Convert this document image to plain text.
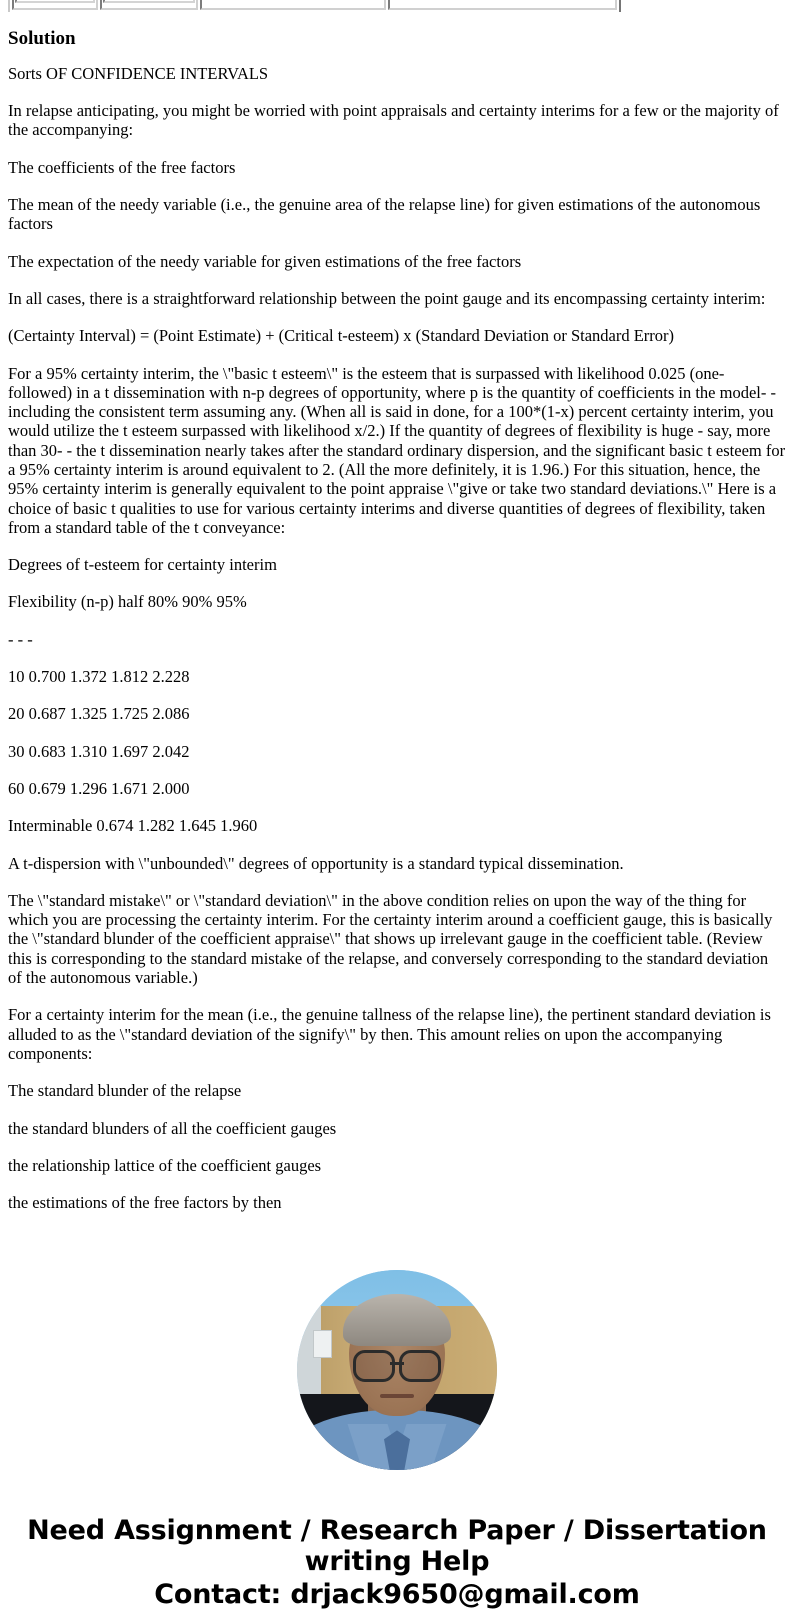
Solution

Sorts OF CONFIDENCE INTERVALS

In relapse anticipating, you might be worried with point appraisals and certainty interims for a few or the majority of the accompanying:

The coefficients of the free factors

The mean of the needy variable (i.e., the genuine area of the relapse line) for given estimations of the autonomous factors

The expectation of the needy variable for given estimations of the free factors

In all cases, there is a straightforward relationship between the point gauge and its encompassing certainty interim:

(Certainty Interval) = (Point Estimate) + (Critical t-esteem) x (Standard Deviation or Standard Error)

For a 95% certainty interim, the \"basic t esteem\" is the esteem that is surpassed with likelihood 0.025 (one-followed) in a t dissemination with n-p degrees of opportunity, where p is the quantity of coefficients in the model- - including the consistent term assuming any. (When all is said in done, for a 100*(1-x) percent certainty interim, you would utilize the t esteem surpassed with likelihood x/2.) If the quantity of degrees of flexibility is huge - say, more than 30- - the t dissemination nearly takes after the standard ordinary dispersion, and the significant basic t esteem for a 95% certainty interim is around equivalent to 2. (All the more definitely, it is 1.96.) For this situation, hence, the 95% certainty interim is generally equivalent to the point appraise \"give or take two standard deviations.\" Here is a choice of basic t qualities to use for various certainty interims and diverse quantities of degrees of flexibility, taken from a standard table of the t conveyance:

Degrees of t-esteem for certainty interim

Flexibility (n-p) half 80% 90% 95%

- - -

10 0.700 1.372 1.812 2.228

20 0.687 1.325 1.725 2.086

30 0.683 1.310 1.697 2.042

60 0.679 1.296 1.671 2.000

Interminable 0.674 1.282 1.645 1.960

A t-dispersion with \"unbounded\" degrees of opportunity is a standard typical dissemination.

The \"standard mistake\" or \"standard deviation\" in the above condition relies on upon the way of the thing for which you are processing the certainty interim. For the certainty interim around a coefficient gauge, this is basically the \"standard blunder of the coefficient appraise\" that shows up irrelevant gauge in the coefficient table. (Review this is corresponding to the standard mistake of the relapse, and conversely corresponding to the standard deviation of the autonomous variable.)

For a certainty interim for the mean (i.e., the genuine tallness of the relapse line), the pertinent standard deviation is alluded to as the \"standard deviation of the signify\" by then. This amount relies on upon the accompanying components:

The standard blunder of the relapse

the standard blunders of all the coefficient gauges

the relationship lattice of the coefficient gauges

the estimations of the free factors by then

Need Assignment / Research Paper / Dissertation
writing Help
Contact: drjack9650@gmail.com
